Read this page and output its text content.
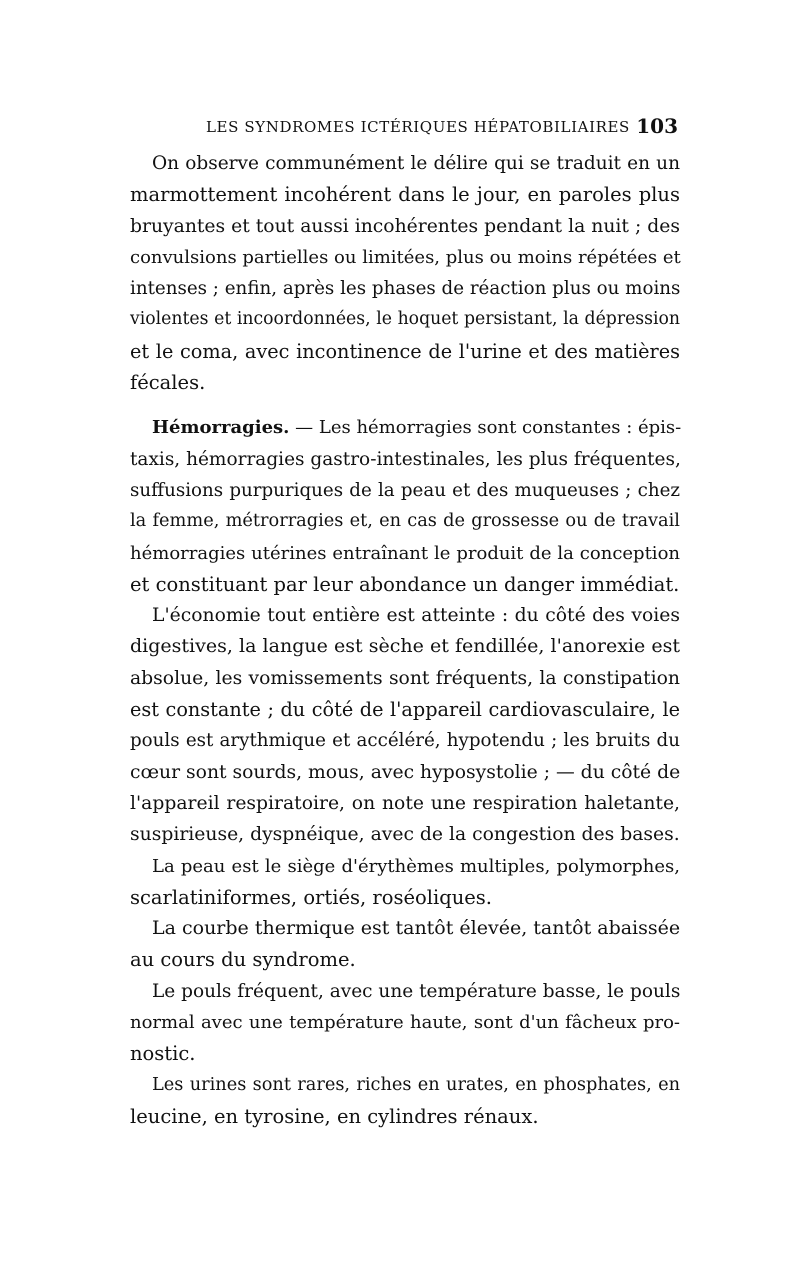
LES SYNDROMES ICTÉRIQUES HÉPATOBILIAIRES 103
On observe communément le délire qui se traduit en un
marmottement incohérent dans le jour, en paroles plus
bruyantes et tout aussi incohérentes pendant la nuit ; des
convulsions partielles ou limitées, plus ou moins répétées et
intenses ; enfin, après les phases de réaction plus ou moins
violentes et incoordonnées, le hoquet persistant, la dépression
et le coma, avec incontinence de l'urine et des matières
fécales.
Hémorragies. — Les hémorragies sont constantes : épis-
taxis, hémorragies gastro-intestinales, les plus fréquentes,
suffusions purpuriques de la peau et des muqueuses ; chez
la femme, métrorragies et, en cas de grossesse ou de travail
hémorragies utérines entraînant le produit de la conception
et constituant par leur abondance un danger immédiat.
L'économie tout entière est atteinte : du côté des voies
digestives, la langue est sèche et fendillée, l'anorexie est
absolue, les vomissements sont fréquents, la constipation
est constante ; du côté de l'appareil cardiovasculaire, le
pouls est arythmique et accéléré, hypotendu ; les bruits du
cœur sont sourds, mous, avec hyposystolie ; — du côté de
l'appareil respiratoire, on note une respiration haletante,
suspirieuse, dyspnéique, avec de la congestion des bases.
La peau est le siège d'érythèmes multiples, polymorphes,
scarlatiniformes, ortiés, roséoliques.
La courbe thermique est tantôt élevée, tantôt abaissée
au cours du syndrome.
Le pouls fréquent, avec une température basse, le pouls
normal avec une température haute, sont d'un fâcheux pro-
nostic.
Les urines sont rares, riches en urates, en phosphates, en
leucine, en tyrosine, en cylindres rénaux.
